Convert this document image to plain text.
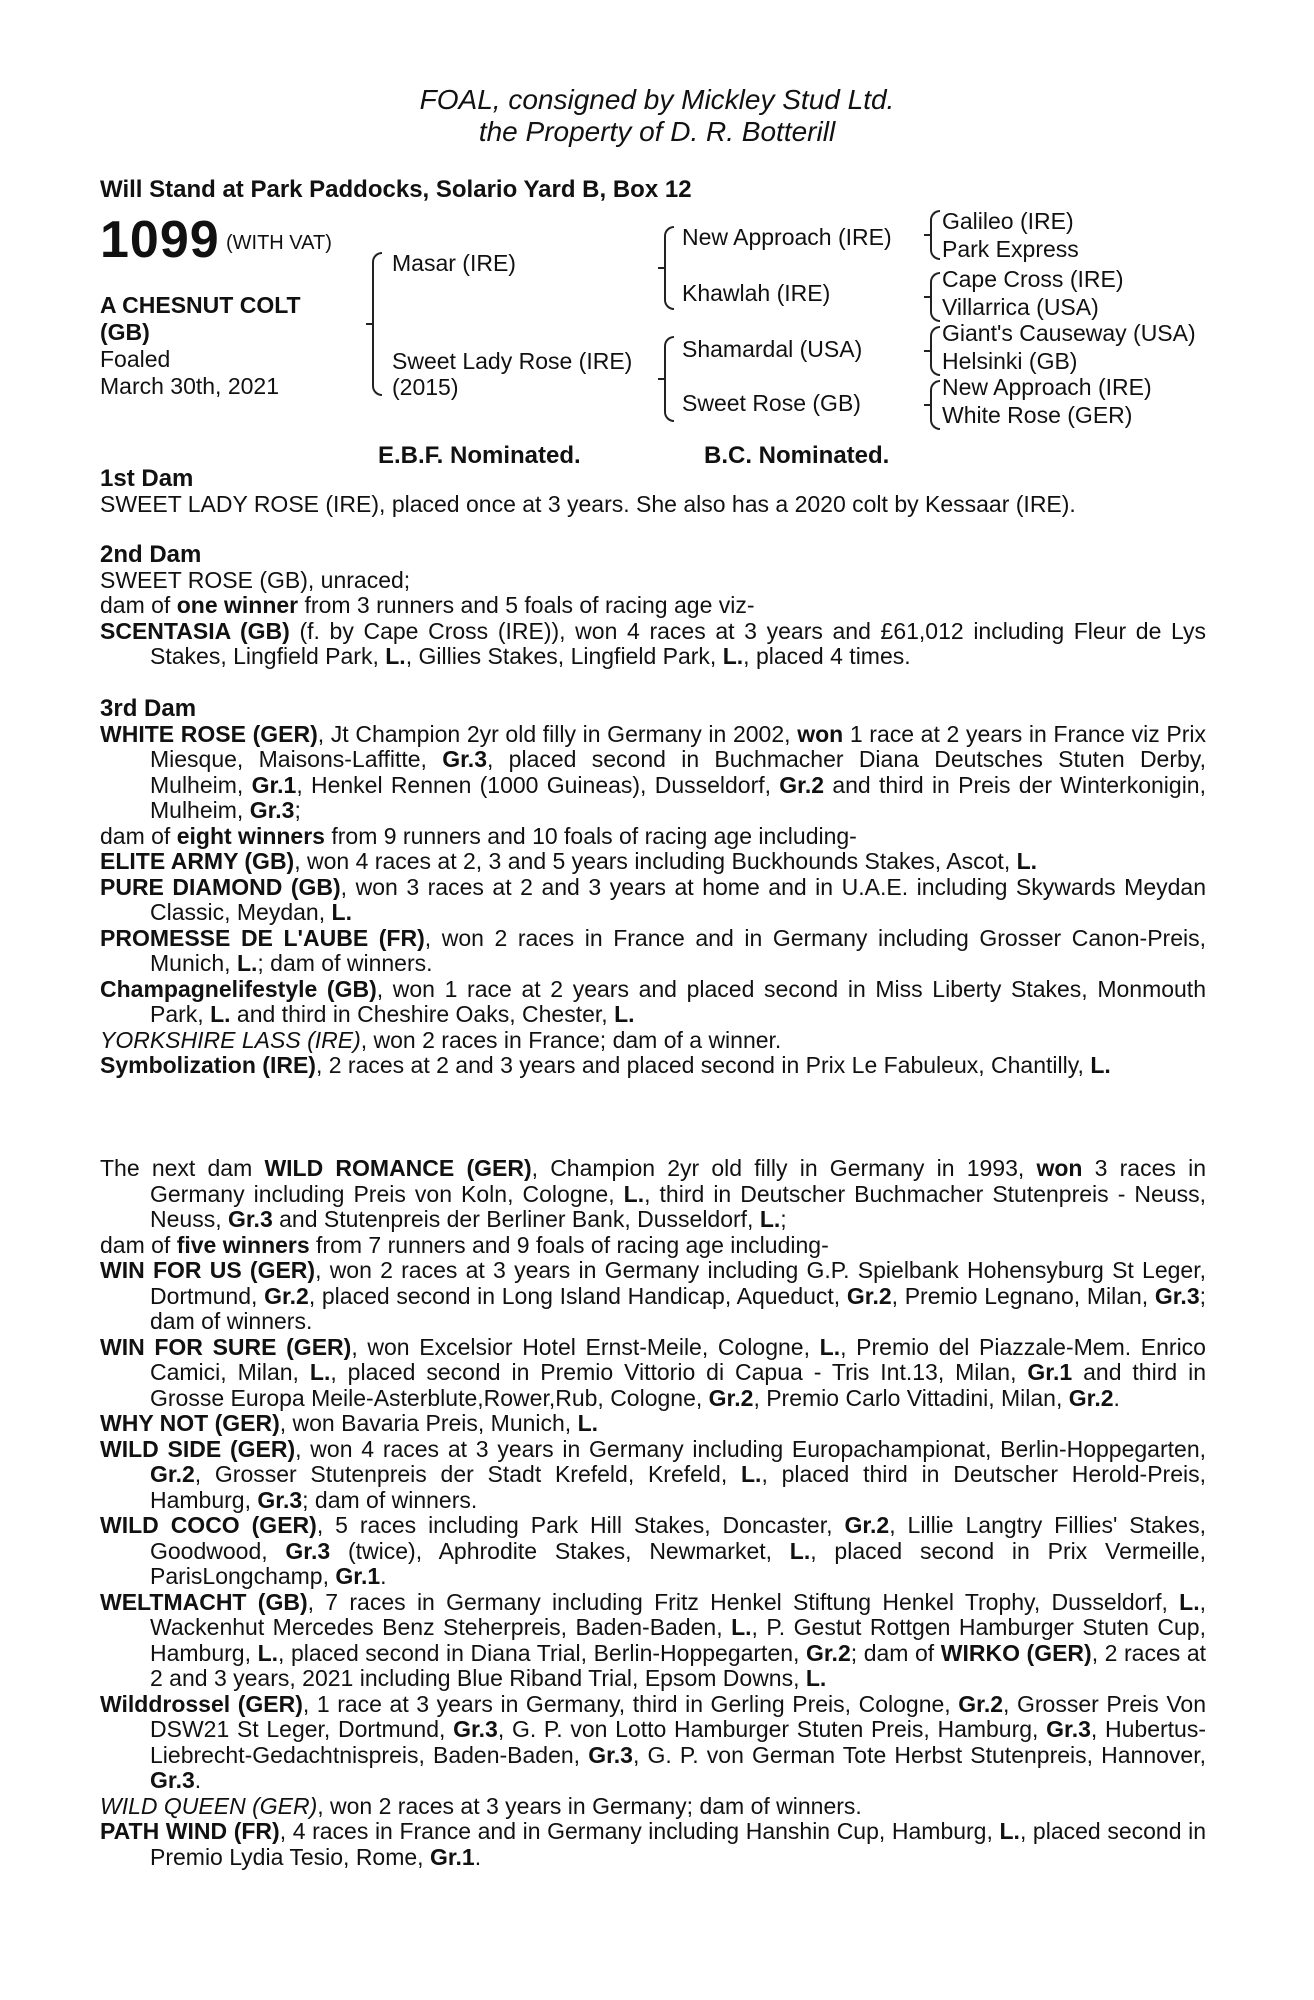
FOAL, consigned by Mickley Stud Ltd.
the Property of D. R. Botterill
Will Stand at Park Paddocks, Solario Yard B, Box 12
1099 (WITH VAT)
A CHESNUT COLT
(GB)
Foaled
March 30th, 2021
Masar (IRE)
Sweet Lady Rose (IRE)
(2015)
New Approach (IRE)
Khawlah (IRE)
Shamardal (USA)
Sweet Rose (GB)
Galileo (IRE)
Park Express
Cape Cross (IRE)
Villarrica (USA)
Giant's Causeway (USA)
Helsinki (GB)
New Approach (IRE)
White Rose (GER)
E.B.F. Nominated.	B.C. Nominated.

1st Dam

SWEET LADY ROSE (IRE), placed once at 3 years. She also has a 2020 colt by Kessaar (IRE).

2nd Dam

SWEET ROSE (GB), unraced;

dam of one winner from 3 runners and 5 foals of racing age viz-

SCENTASIA (GB) (f. by Cape Cross (IRE)), won 4 races at 3 years and £61,012 including Fleur de Lys Stakes, Lingfield Park, L., Gillies Stakes, Lingfield Park, L., placed 4 times.

3rd Dam

WHITE ROSE (GER), Jt Champion 2yr old filly in Germany in 2002, won 1 race at 2 years in France viz Prix Miesque, Maisons-Laffitte, Gr.3, placed second in Buchmacher Diana Deutsches Stuten Derby, Mulheim, Gr.1, Henkel Rennen (1000 Guineas), Dusseldorf, Gr.2 and third in Preis der Winterkonigin, Mulheim, Gr.3;

dam of eight winners from 9 runners and 10 foals of racing age including-

ELITE ARMY (GB), won 4 races at 2, 3 and 5 years including Buckhounds Stakes, Ascot, L.

PURE DIAMOND (GB), won 3 races at 2 and 3 years at home and in U.A.E. including Skywards Meydan Classic, Meydan, L.

PROMESSE DE L'AUBE (FR), won 2 races in France and in Germany including Grosser Canon-Preis, Munich, L.; dam of winners.

Champagnelifestyle (GB), won 1 race at 2 years and placed second in Miss Liberty Stakes, Monmouth Park, L. and third in Cheshire Oaks, Chester, L.

YORKSHIRE LASS (IRE), won 2 races in France; dam of a winner.

Symbolization (IRE), 2 races at 2 and 3 years and placed second in Prix Le Fabuleux, Chantilly, L.

The next dam WILD ROMANCE (GER), Champion 2yr old filly in Germany in 1993, won 3 races in Germany including Preis von Koln, Cologne, L., third in Deutscher Buchmacher Stutenpreis - Neuss, Neuss, Gr.3 and Stutenpreis der Berliner Bank, Dusseldorf, L.;

dam of five winners from 7 runners and 9 foals of racing age including-

WIN FOR US (GER), won 2 races at 3 years in Germany including G.P. Spielbank Hohensyburg St Leger, Dortmund, Gr.2, placed second in Long Island Handicap, Aqueduct, Gr.2, Premio Legnano, Milan, Gr.3; dam of winners.

WIN FOR SURE (GER), won Excelsior Hotel Ernst-Meile, Cologne, L., Premio del Piazzale-Mem. Enrico Camici, Milan, L., placed second in Premio Vittorio di Capua - Tris Int.13, Milan, Gr.1 and third in Grosse Europa Meile-Asterblute,Rower,Rub, Cologne, Gr.2, Premio Carlo Vittadini, Milan, Gr.2.

WHY NOT (GER), won Bavaria Preis, Munich, L.

WILD SIDE (GER), won 4 races at 3 years in Germany including Europachampionat, Berlin-Hoppegarten, Gr.2, Grosser Stutenpreis der Stadt Krefeld, Krefeld, L., placed third in Deutscher Herold-Preis, Hamburg, Gr.3; dam of winners.

WILD COCO (GER), 5 races including Park Hill Stakes, Doncaster, Gr.2, Lillie Langtry Fillies' Stakes, Goodwood, Gr.3 (twice), Aphrodite Stakes, Newmarket, L., placed second in Prix Vermeille, ParisLongchamp, Gr.1.

WELTMACHT (GB), 7 races in Germany including Fritz Henkel Stiftung Henkel Trophy, Dusseldorf, L., Wackenhut Mercedes Benz Steherpreis, Baden-Baden, L., P. Gestut Rottgen Hamburger Stuten Cup, Hamburg, L., placed second in Diana Trial, Berlin-Hoppegarten, Gr.2; dam of WIRKO (GER), 2 races at 2 and 3 years, 2021 including Blue Riband Trial, Epsom Downs, L.

Wilddrossel (GER), 1 race at 3 years in Germany, third in Gerling Preis, Cologne, Gr.2, Grosser Preis Von DSW21 St Leger, Dortmund, Gr.3, G. P. von Lotto Hamburger Stuten Preis, Hamburg, Gr.3, Hubertus-Liebrecht-Gedachtnispreis, Baden-Baden, Gr.3, G. P. von German Tote Herbst Stutenpreis, Hannover, Gr.3.

WILD QUEEN (GER), won 2 races at 3 years in Germany; dam of winners.

PATH WIND (FR), 4 races in France and in Germany including Hanshin Cup, Hamburg, L., placed second in Premio Lydia Tesio, Rome, Gr.1.
